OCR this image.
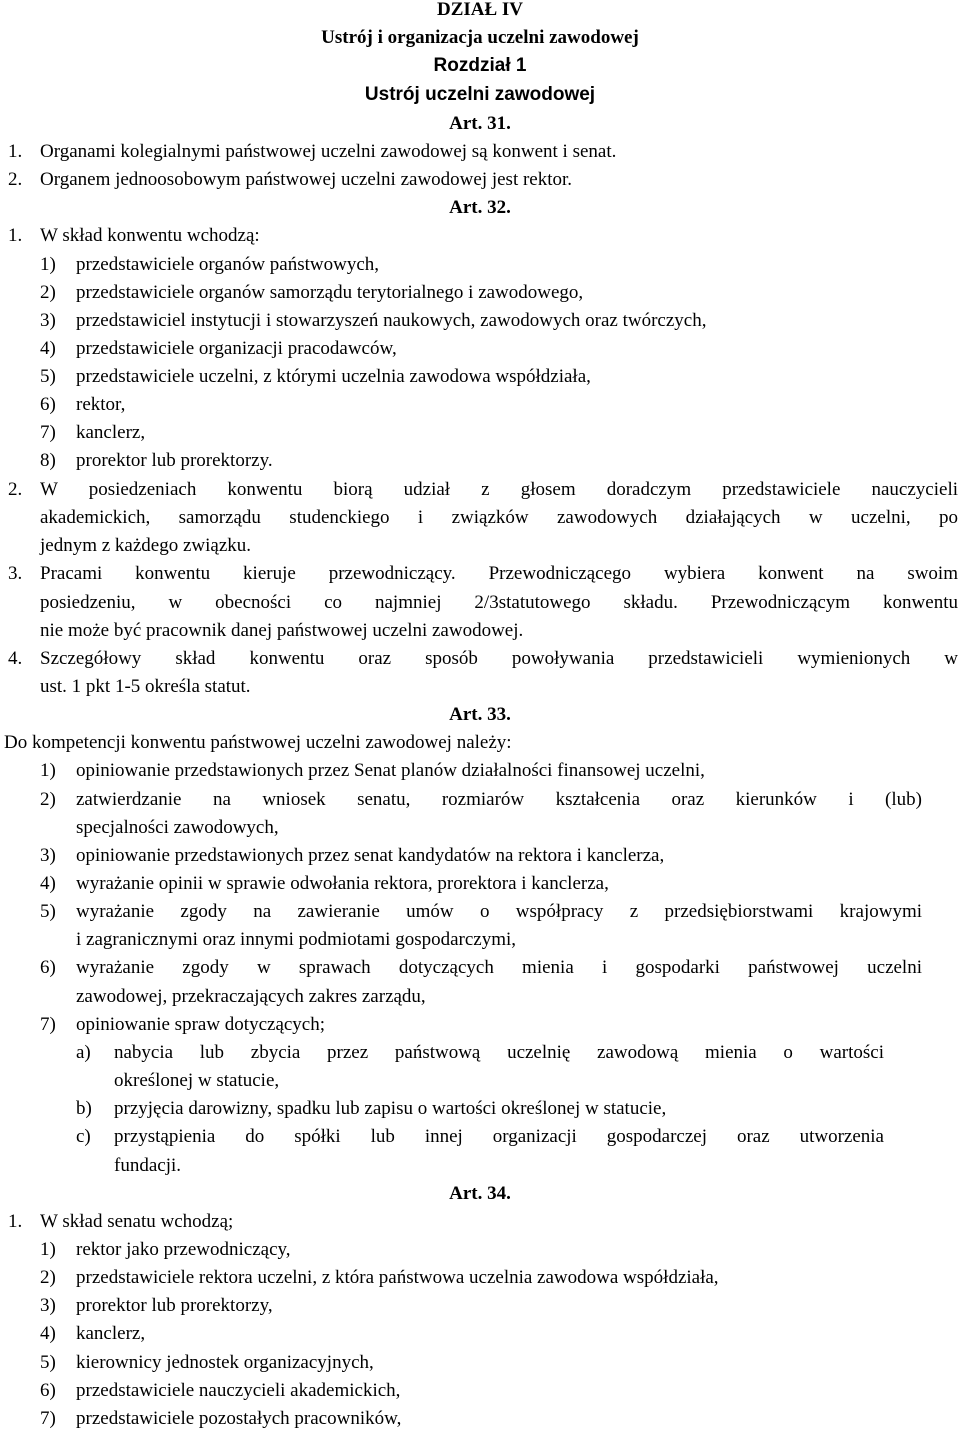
DZIAŁ IV
Ustrój i organizacja uczelni zawodowej
Rozdział 1
Ustrój uczelni zawodowej
Art. 31.
1. Organami kolegialnymi państwowej uczelni zawodowej są konwent i senat.
2. Organem jednoosobowym państwowej uczelni zawodowej jest rektor.
Art. 32.
1. W skład konwentu wchodzą:
1) przedstawiciele organów państwowych,
2) przedstawiciele organów samorządu terytorialnego i zawodowego,
3) przedstawiciel instytucji i stowarzyszeń naukowych, zawodowych oraz twórczych,
4) przedstawiciele organizacji pracodawców,
5) przedstawiciele uczelni, z którymi uczelnia zawodowa współdziała,
6) rektor,
7) kanclerz,
8) prorektor lub prorektorzy.
2. W posiedzeniach konwentu biorą udział z głosem doradczym przedstawiciele nauczycieli
akademickich, samorządu studenckiego i związków zawodowych działających w uczelni, po
jednym z każdego związku.
3. Pracami konwentu kieruje przewodniczący. Przewodniczącego wybiera konwent na swoim
posiedzeniu, w obecności co najmniej 2/3statutowego składu. Przewodniczącym konwentu
nie może być pracownik danej państwowej uczelni zawodowej.
4. Szczegółowy skład konwentu oraz sposób powoływania przedstawicieli wymienionych w
ust. 1 pkt 1-5 określa statut.
Art. 33.
Do kompetencji konwentu państwowej uczelni zawodowej należy:
1) opiniowanie przedstawionych przez Senat planów działalności finansowej uczelni,
2) zatwierdzanie na wniosek senatu, rozmiarów kształcenia oraz kierunków i (lub)
specjalności zawodowych,
3) opiniowanie przedstawionych przez senat kandydatów na rektora i kanclerza,
4) wyrażanie opinii w sprawie odwołania rektora, prorektora i kanclerza,
5) wyrażanie zgody na zawieranie umów o współpracy z przedsiębiorstwami krajowymi
i zagranicznymi oraz innymi podmiotami gospodarczymi,
6) wyrażanie zgody w sprawach dotyczących mienia i gospodarki państwowej uczelni
zawodowej, przekraczających zakres zarządu,
7) opiniowanie spraw dotyczących;
a) nabycia lub zbycia przez państwową uczelnię zawodową mienia o wartości
określonej w statucie,
b) przyjęcia darowizny, spadku lub zapisu o wartości określonej w statucie,
c) przystąpienia do spółki lub innej organizacji gospodarczej oraz utworzenia
fundacji.
Art. 34.
1. W skład senatu wchodzą;
1) rektor jako przewodniczący,
2) przedstawiciele rektora uczelni, z która państwowa uczelnia zawodowa współdziała,
3) prorektor lub prorektorzy,
4) kanclerz,
5) kierownicy jednostek organizacyjnych,
6) przedstawiciele nauczycieli akademickich,
7) przedstawiciele pozostałych pracowników,
